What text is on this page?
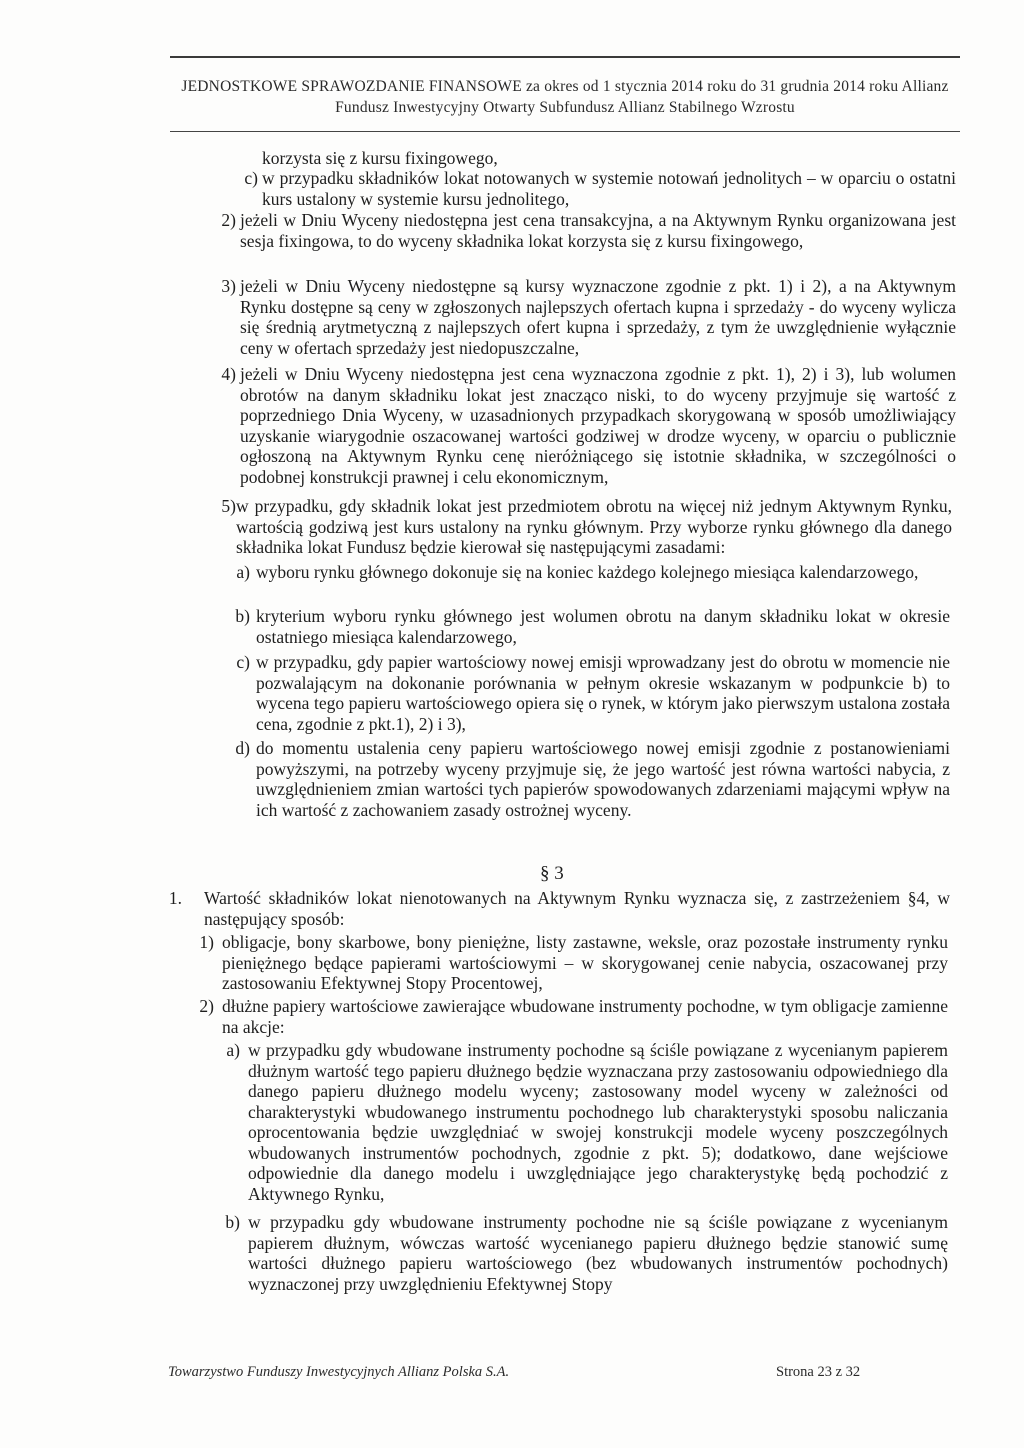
JEDNOSTKOWE SPRAWOZDANIE FINANSOWE za okres od 1 stycznia 2014 roku do 31 grudnia 2014 roku Allianz
Fundusz Inwestycyjny Otwarty Subfundusz Allianz Stabilnego Wzrostu

korzysta się z kursu fixingowego,

c) w przypadku składników lokat notowanych w systemie notowań jednolitych – w oparciu o ostatni kurs ustalony w systemie kursu jednolitego,

2) jeżeli w Dniu Wyceny niedostępna jest cena transakcyjna, a na Aktywnym Rynku organizowana jest sesja fixingowa, to do wyceny składnika lokat korzysta się z kursu fixingowego,

3) jeżeli w Dniu Wyceny niedostępne są kursy wyznaczone zgodnie z pkt. 1) i 2), a na Aktywnym Rynku dostępne są ceny w zgłoszonych najlepszych ofertach kupna i sprzedaży - do wyceny wylicza się średnią arytmetyczną z najlepszych ofert kupna i sprzedaży, z tym że uwzględnienie wyłącznie ceny w ofertach sprzedaży jest niedopuszczalne,

4) jeżeli w Dniu Wyceny niedostępna jest cena wyznaczona zgodnie z pkt. 1), 2) i 3), lub wolumen obrotów na danym składniku lokat jest znacząco niski, to do wyceny przyjmuje się wartość z poprzedniego Dnia Wyceny, w uzasadnionych przypadkach skorygowaną w sposób umożliwiający uzyskanie wiarygodnie oszacowanej wartości godziwej w drodze wyceny, w oparciu o publicznie ogłoszoną na Aktywnym Rynku cenę nieróżniącego się istotnie składnika, w szczególności o podobnej konstrukcji prawnej i celu ekonomicznym,

5) w przypadku, gdy składnik lokat jest przedmiotem obrotu na więcej niż jednym Aktywnym Rynku, wartością godziwą jest kurs ustalony na rynku głównym. Przy wyborze rynku głównego dla danego składnika lokat Fundusz będzie kierował się następującymi zasadami:

a) wyboru rynku głównego dokonuje się na koniec każdego kolejnego miesiąca kalendarzowego,

b) kryterium wyboru rynku głównego jest wolumen obrotu na danym składniku lokat w okresie ostatniego miesiąca kalendarzowego,

c) w przypadku, gdy papier wartościowy nowej emisji wprowadzany jest do obrotu w momencie nie pozwalającym na dokonanie porównania w pełnym okresie wskazanym w podpunkcie b) to wycena tego papieru wartościowego opiera się o rynek, w którym jako pierwszym ustalona została cena, zgodnie z pkt.1), 2) i 3),

d) do momentu ustalenia ceny papieru wartościowego nowej emisji zgodnie z postanowieniami powyższymi, na potrzeby wyceny przyjmuje się, że jego wartość jest równa wartości nabycia, z uwzględnieniem zmian wartości tych papierów spowodowanych zdarzeniami mającymi wpływ na ich wartość z zachowaniem zasady ostrożnej wyceny.

§ 3
1. Wartość składników lokat nienotowanych na Aktywnym Rynku wyznacza się, z zastrzeżeniem §4, w następujący sposób:

1) obligacje, bony skarbowe, bony pieniężne, listy zastawne, weksle, oraz pozostałe instrumenty rynku pieniężnego będące papierami wartościowymi – w skorygowanej cenie nabycia, oszacowanej przy zastosowaniu Efektywnej Stopy Procentowej,

2) dłużne papiery wartościowe zawierające wbudowane instrumenty pochodne, w tym obligacje zamienne na akcje:

a) w przypadku gdy wbudowane instrumenty pochodne są ściśle powiązane z wycenianym papierem dłużnym wartość tego papieru dłużnego będzie wyznaczana przy zastosowaniu odpowiedniego dla danego papieru dłużnego modelu wyceny; zastosowany model wyceny w zależności od charakterystyki wbudowanego instrumentu pochodnego lub charakterystyki sposobu naliczania oprocentowania będzie uwzględniać w swojej konstrukcji modele wyceny poszczególnych wbudowanych instrumentów pochodnych, zgodnie z pkt. 5); dodatkowo, dane wejściowe odpowiednie dla danego modelu i uwzględniające jego charakterystykę będą pochodzić z Aktywnego Rynku,

b) w przypadku gdy wbudowane instrumenty pochodne nie są ściśle powiązane z wycenianym papierem dłużnym, wówczas wartość wycenianego papieru dłużnego będzie stanowić sumę wartości dłużnego papieru wartościowego (bez wbudowanych instrumentów pochodnych) wyznaczonej przy uwzględnieniu Efektywnej Stopy

Towarzystwo Funduszy Inwestycyjnych Allianz Polska S.A.	Strona 23 z 32
